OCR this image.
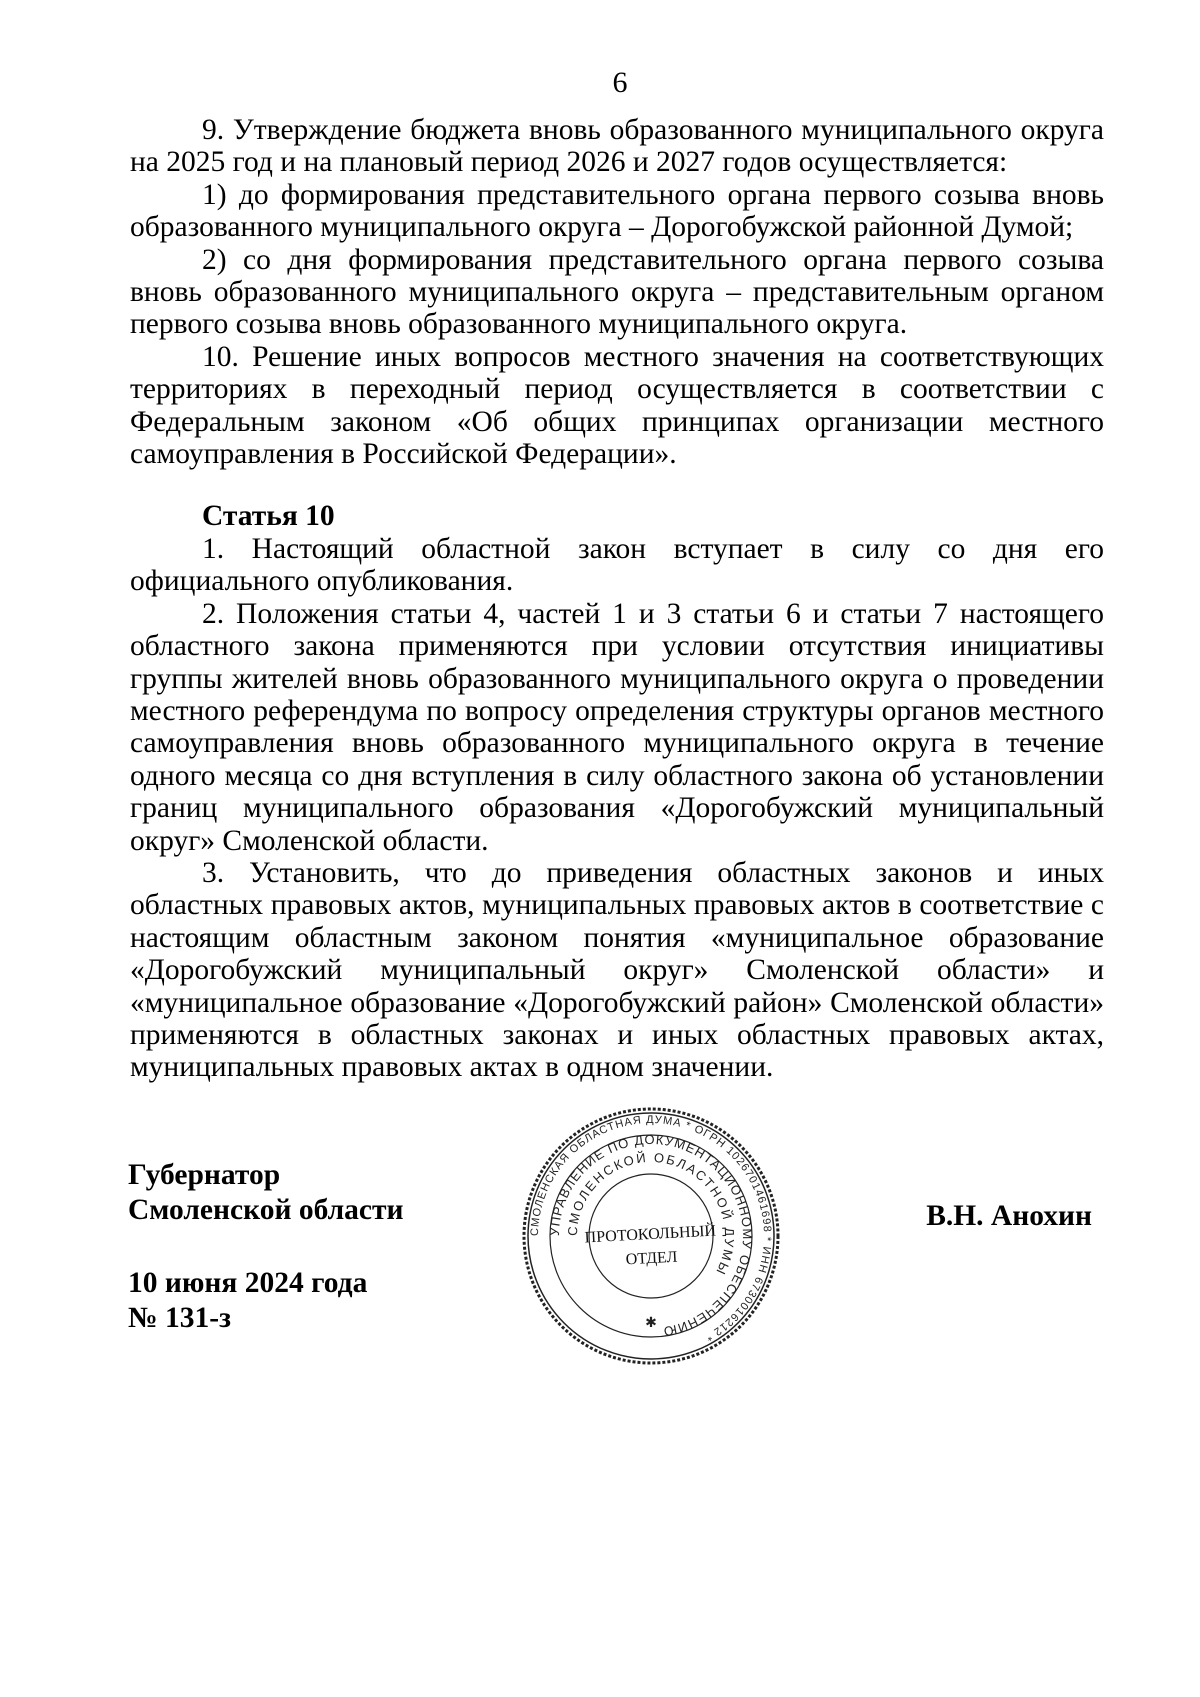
6

9. Утверждение бюджета вновь образованного муниципального округа на 2025 год и на плановый период 2026 и 2027 годов осуществляется:

1) до формирования представительного органа первого созыва вновь образованного муниципального округа – Дорогобужской районной Думой;

2) со дня формирования представительного органа первого созыва вновь образованного муниципального округа – представительным органом первого созыва вновь образованного муниципального округа.

10. Решение иных вопросов местного значения на соответствующих территориях в переходный период осуществляется в соответствии с Федеральным законом «Об общих принципах организации местного самоуправления в Российской Федерации».

Статья 10

1. Настоящий областной закон вступает в силу со дня его официального опубликования.

2. Положения статьи 4, частей 1 и 3 статьи 6 и статьи 7 настоящего областного закона применяются при условии отсутствия инициативы группы жителей вновь образованного муниципального округа о проведении местного референдума по вопросу определения структуры органов местного самоуправления вновь образованного муниципального округа в течение одного месяца со дня вступления в силу областного закона об установлении границ муниципального образования «Дорогобужский муниципальный округ» Смоленской области.

3. Установить, что до приведения областных законов и иных областных правовых актов, муниципальных правовых актов в соответствие с настоящим областным законом понятия «муниципальное образование «Дорогобужский муниципальный округ» Смоленской области» и «муниципальное образование «Дорогобужский район» Смоленской области» применяются в областных законах и иных областных правовых актах, муниципальных правовых актах в одном значении.

Губернатор
Смоленской области
10 июня 2024 года
№ 131-з
В.Н. Анохин
СМОЛЕНСКАЯ ОБЛАСТНАЯ ДУМА * ОГРН 1026701461698 * ИНН 6730016212 *
УПРАВЛЕНИЕ ПО ДОКУМЕНТАЦИОННОМУ ОБЕСПЕЧЕНИЮ
СМОЛЕНСКОЙ ОБЛАСТНОЙ ДУМЫ
✱
ПРОТОКОЛЬНЫЙ
ОТДЕЛ
